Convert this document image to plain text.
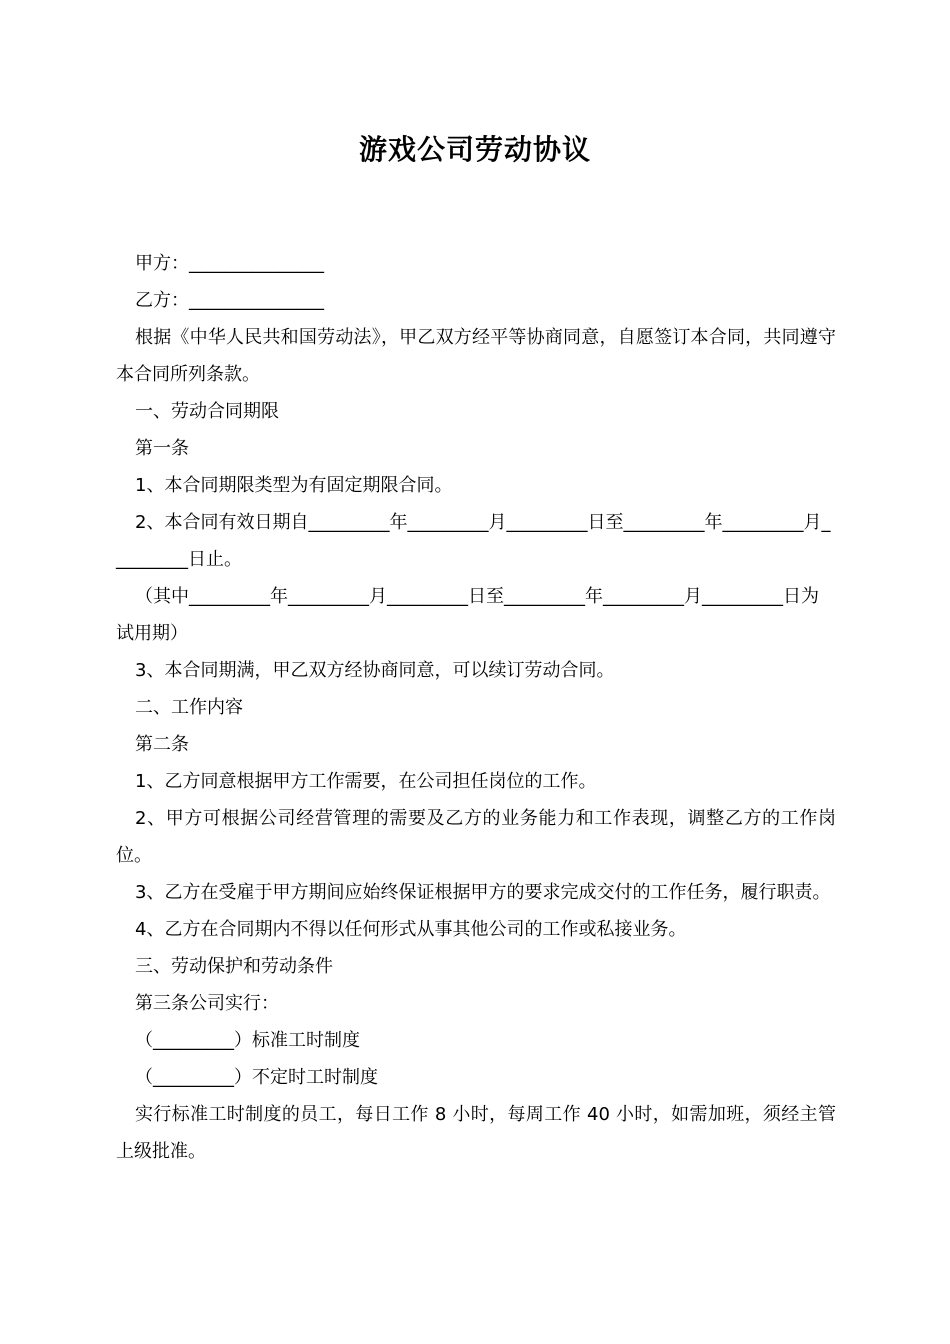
游戏公司劳动协议

甲方：_______________

乙方：_______________

根据《中华人民共和国劳动法》，甲乙双方经平等协商同意，自愿签订本合同，共同遵守本合同所列条款。

一、劳动合同期限

第一条

1、本合同期限类型为有固定期限合同。

2、本合同有效日期自_________年_________月_________日至_________年_________月_________日止。

（其中_________年_________月_________日至_________年_________月_________日为试用期）

3、本合同期满，甲乙双方经协商同意，可以续订劳动合同。

二、工作内容

第二条

1、乙方同意根据甲方工作需要，在公司担任岗位的工作。

2、甲方可根据公司经营管理的需要及乙方的业务能力和工作表现，调整乙方的工作岗位。

3、乙方在受雇于甲方期间应始终保证根据甲方的要求完成交付的工作任务，履行职责。

4、乙方在合同期内不得以任何形式从事其他公司的工作或私接业务。

三、劳动保护和劳动条件

第三条公司实行：

（_________）标准工时制度

（_________）不定时工时制度

实行标准工时制度的员工，每日工作 8 小时，每周工作 40 小时，如需加班，须经主管上级批准。
